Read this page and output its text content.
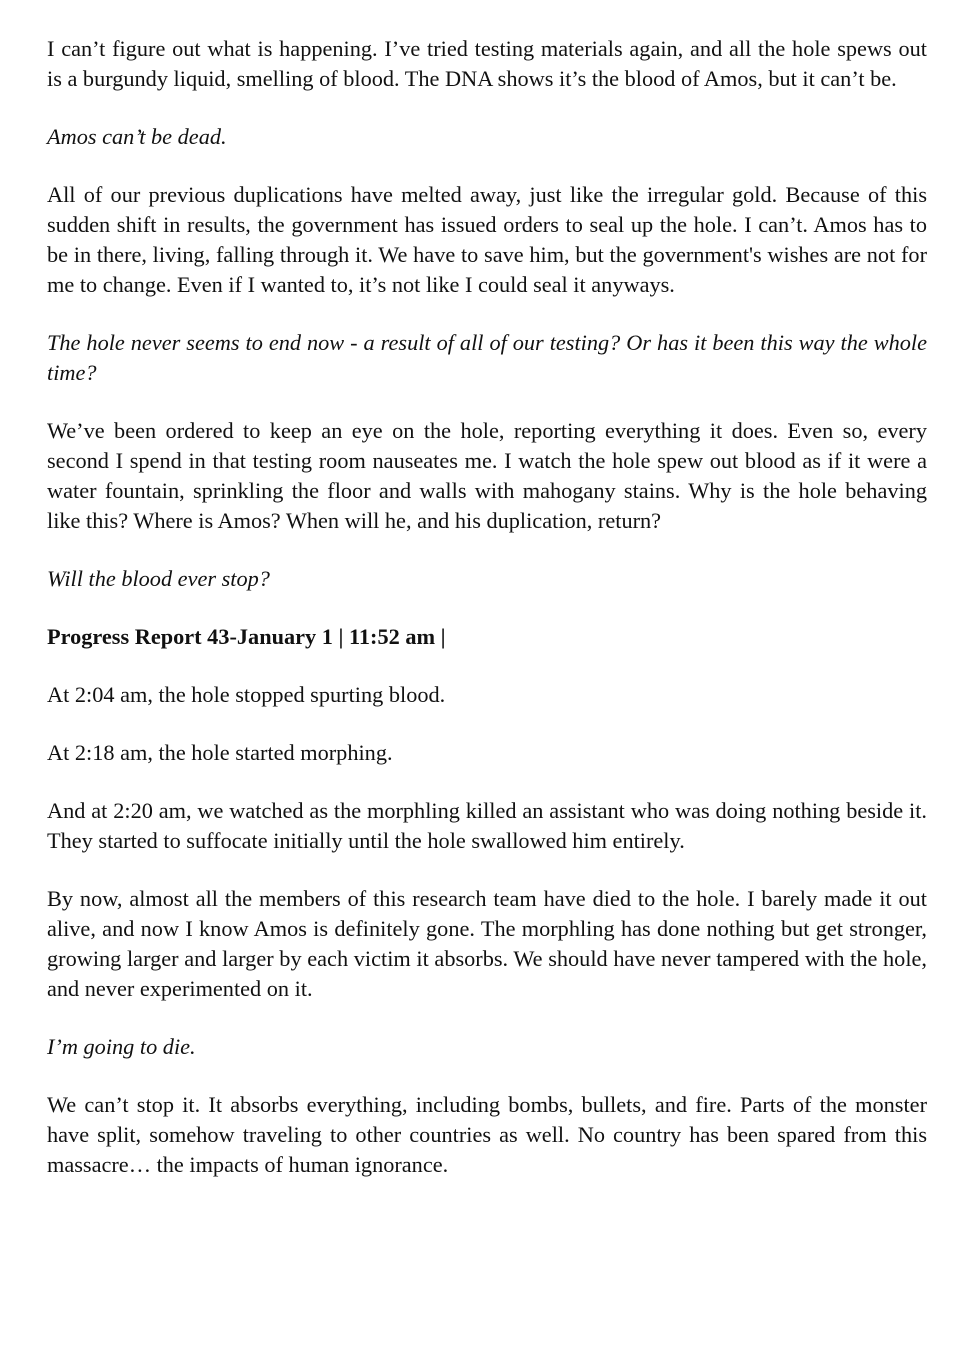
I can’t figure out what is happening. I’ve tried testing materials again, and all the hole spews out is a burgundy liquid, smelling of blood. The DNA shows it’s the blood of Amos, but it can’t be.

Amos can’t be dead.

All of our previous duplications have melted away, just like the irregular gold. Because of this sudden shift in results, the government has issued orders to seal up the hole. I can’t. Amos has to be in there, living, falling through it. We have to save him, but the government's wishes are not for me to change. Even if I wanted to, it’s not like I could seal it anyways.

The hole never seems to end now - a result of all of our testing? Or has it been this way the whole time?

We’ve been ordered to keep an eye on the hole, reporting everything it does. Even so, every second I spend in that testing room nauseates me. I watch the hole spew out blood as if it were a water fountain, sprinkling the floor and walls with mahogany stains. Why is the hole behaving like this? Where is Amos? When will he, and his duplication, return?

Will the blood ever stop?

Progress Report 43-January 1 | 11:52 am |

At 2:04 am, the hole stopped spurting blood.

At 2:18 am, the hole started morphing.

And at 2:20 am, we watched as the morphling killed an assistant who was doing nothing beside it. They started to suffocate initially until the hole swallowed him entirely.

By now, almost all the members of this research team have died to the hole. I barely made it out alive, and now I know Amos is definitely gone. The morphling has done nothing but get stronger, growing larger and larger by each victim it absorbs. We should have never tampered with the hole, and never experimented on it.

I’m going to die.

We can’t stop it. It absorbs everything, including bombs, bullets, and fire. Parts of the monster have split, somehow traveling to other countries as well. No country has been spared from this massacre… the impacts of human ignorance.
